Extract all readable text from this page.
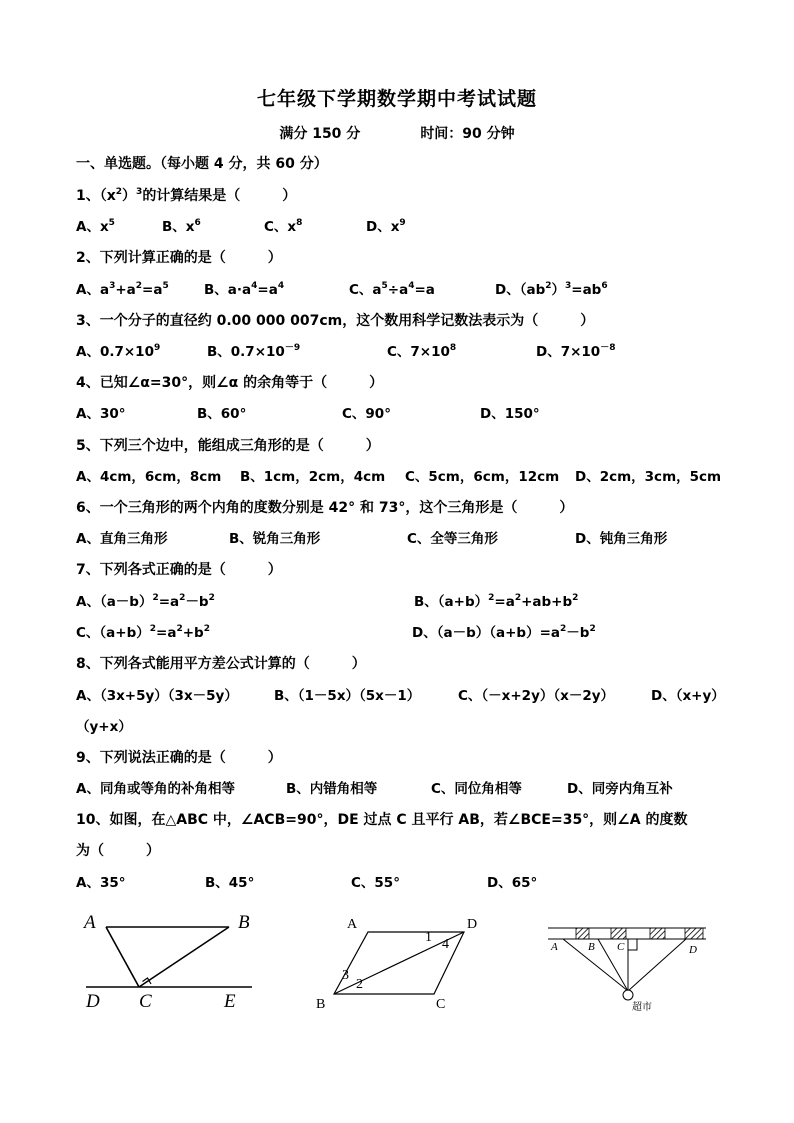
七年级下学期数学期中考试试题
满分 150 分	时间：90 分钟
一、单选题。（每小题 4 分，共 60 分）
1、$(x^2)^3$的计算结果是（　　　）
A、$x^5$	B、$x^6$	C、$x^8$	D、$x^9$
2、下列计算正确的是（　　　）
A、$a^3+a^2=a^5$	B、$a\cdot a^4=a^4$	C、$a^5\div a^4=a$	D、$(ab^2)^3=ab^6$
3、一个分子的直径约 0.00 000 007cm，这个数用科学记数法表示为（　　　）
A、$0.7\times 10^9$	B、$0.7\times 10^{-9}$	C、$7\times 10^8$	D、$7\times 10^{-8}$
4、已知∠α=30°，则∠α 的余角等于（　　　）
A、30°	B、60°	C、90°	D、150°
5、下列三个边中，能组成三角形的是（　　　）
A、4cm，6cm，8cm B、1cm，2cm，4cm C、5cm，6cm，12cm D、2cm，3cm，5cm
6、一个三角形的两个内角的度数分别是 42° 和 73°，这个三角形是（　　　）
A、直角三角形	B、锐角三角形	C、全等三角形	D、钝角三角形
7、下列各式正确的是（　　　）
A、$(a-b)^2=a^2-b^2$	B、$(a+b)^2=a^2+ab+b^2$
C、$(a+b)^2=a^2+b^2$	D、$(a-b)(a+b)=a^2-b^2$
8、下列各式能用平方差公式计算的（　　　）
A、（3x+5y）（3x－5y）	B、（1－5x）（5x－1）	C、（－x+2y）（x－2y）	D、（x+y）
（y+x）
9、下列说法正确的是（　　　）
A、同角或等角的补角相等	B、内错角相等	C、同位角相等	D、同旁内角互补
10、如图，在△ABC 中，∠ACB=90°，DE 过点 C 且平行 AB，若∠BCE=35°，则∠A 的度数
为（　　　）
A、35°	B、45°	C、55°	D、65°
A	B
D C	E
A	D
B	C
1
2
3
4	A	B C	D
超市
